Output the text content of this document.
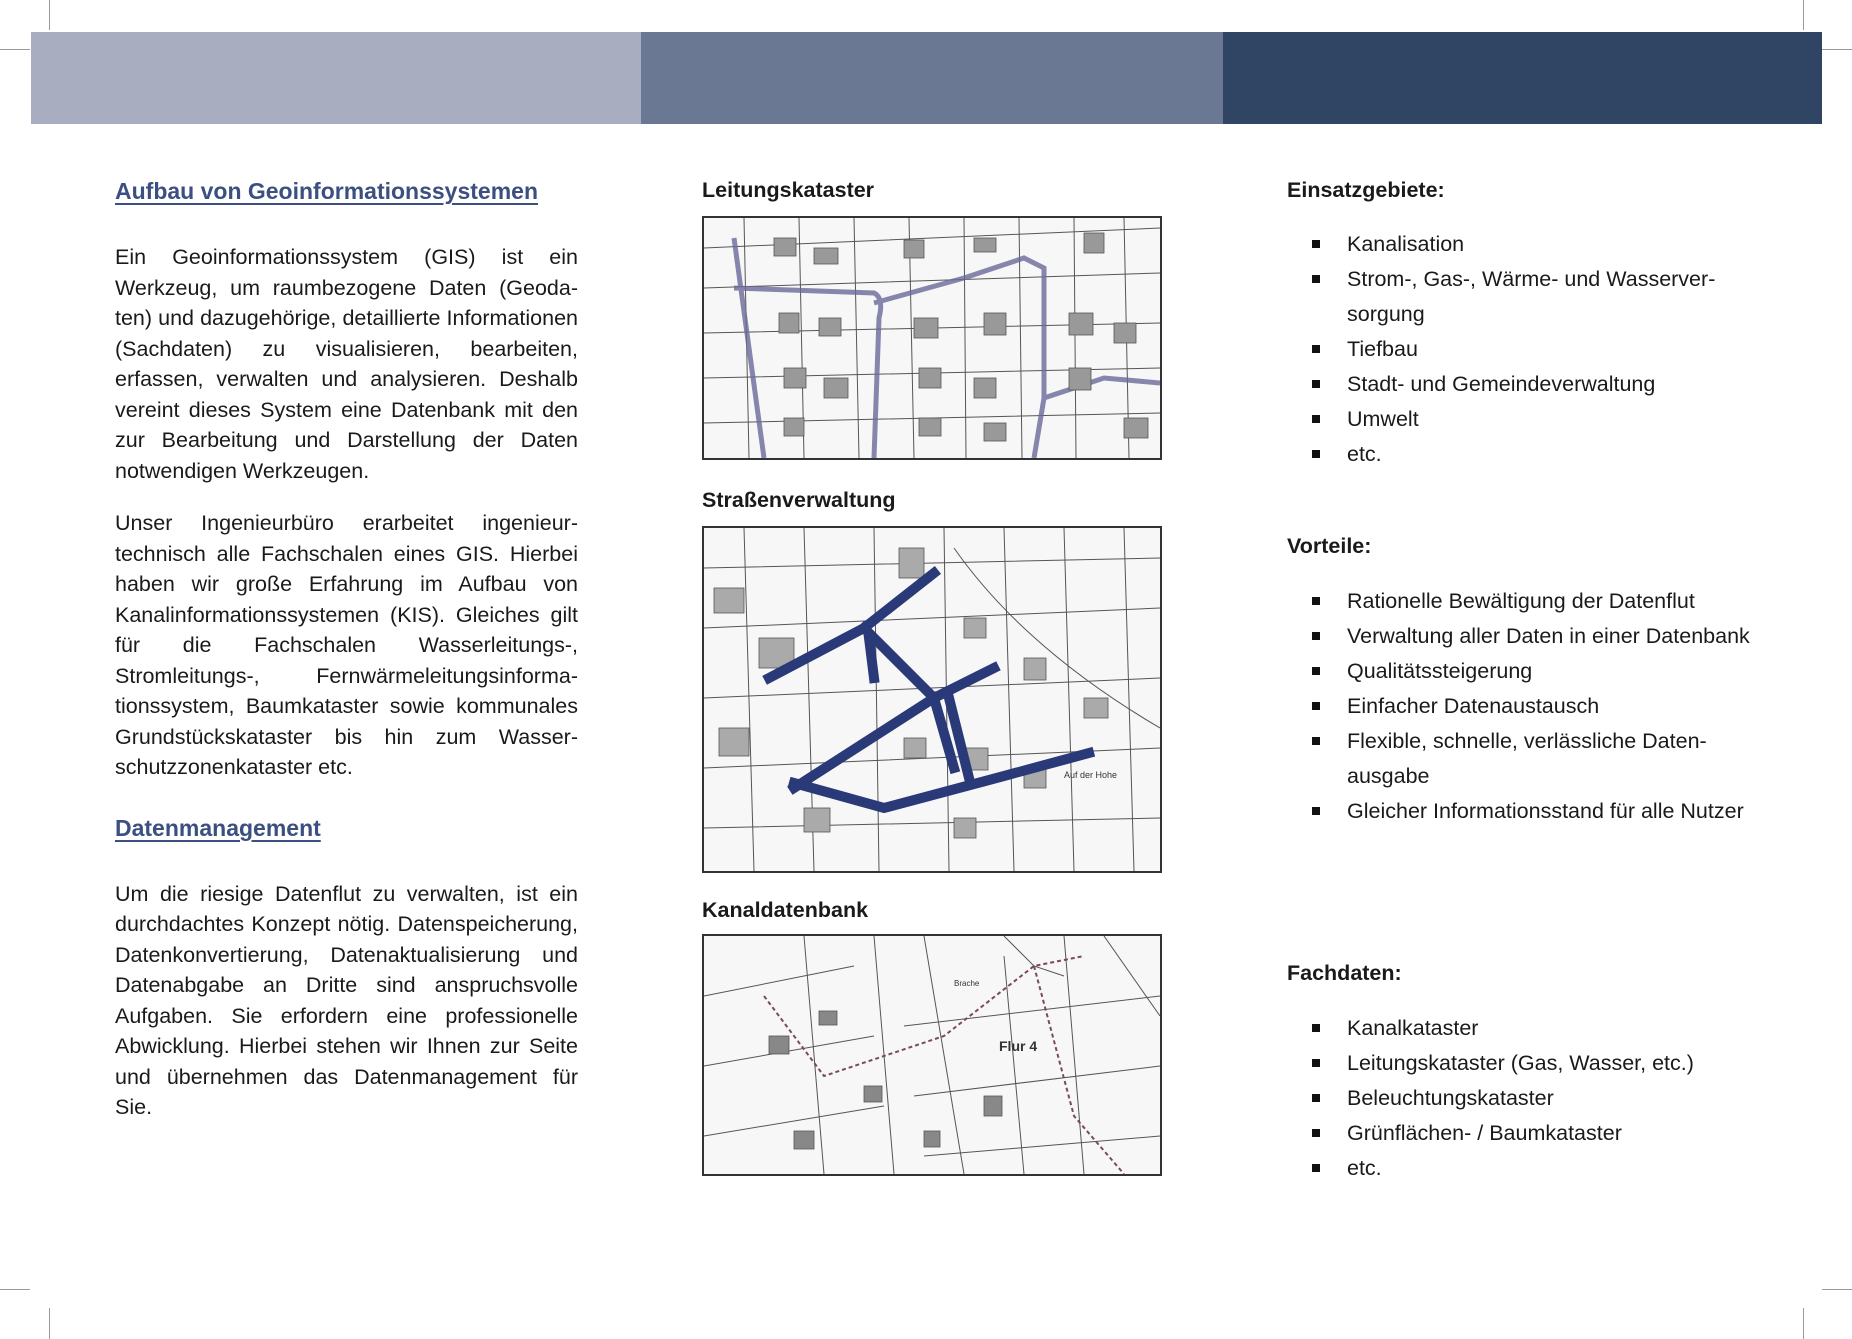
Aufbau von Geoinformationssystemen

Ein Geoinformationssystem (GIS) ist ein Werkzeug, um raumbezogene Daten (Geodaten) und dazugehörige, detaillierte Informationen (Sachdaten) zu visualisieren, bearbeiten, erfassen, verwalten und analysieren. Deshalb vereint dieses System eine Datenbank mit den zur Bearbeitung und Darstellung der Daten notwendigen Werkzeugen.

Unser Ingenieurbüro erarbeitet ingenieurtechnisch alle Fachschalen eines GIS. Hierbei haben wir große Erfahrung im Aufbau von Kanalinformationssystemen (KIS). Gleiches gilt für die Fachschalen Wasserleitungs-, Stromleitungs-, Fernwärmeleitungsinformationssystem, Baumkataster sowie kommunales Grundstückskataster bis hin zum Wasserschutzzonenkataster etc.

Datenmanagement

Um die riesige Datenflut zu verwalten, ist ein durchdachtes Konzept nötig. Datenspeicherung, Datenkonvertierung, Datenaktualisierung und Datenabgabe an Dritte sind anspruchsvolle Aufgaben. Sie erfordern eine professionelle Abwicklung. Hierbei stehen wir Ihnen zur Seite und übernehmen das Datenmanagement für Sie.

Leitungskataster

Straßenverwaltung

Auf der Hohe

Kanaldatenbank

Flur 4
Brache

Einsatzgebiete:

Kanalisation
Strom-, Gas-, Wärme- und Wasserversorgung
Tiefbau
Stadt- und Gemeindeverwaltung
Umwelt
etc.

Vorteile:

Rationelle Bewältigung der Datenflut
Verwaltung aller Daten in einer Datenbank
Qualitätssteigerung
Einfacher Datenaustausch
Flexible, schnelle, verlässliche Datenausgabe
Gleicher Informationsstand für alle Nutzer

Fachdaten:

Kanalkataster
Leitungskataster (Gas, Wasser, etc.)
Beleuchtungskataster
Grünflächen- / Baumkataster
etc.
